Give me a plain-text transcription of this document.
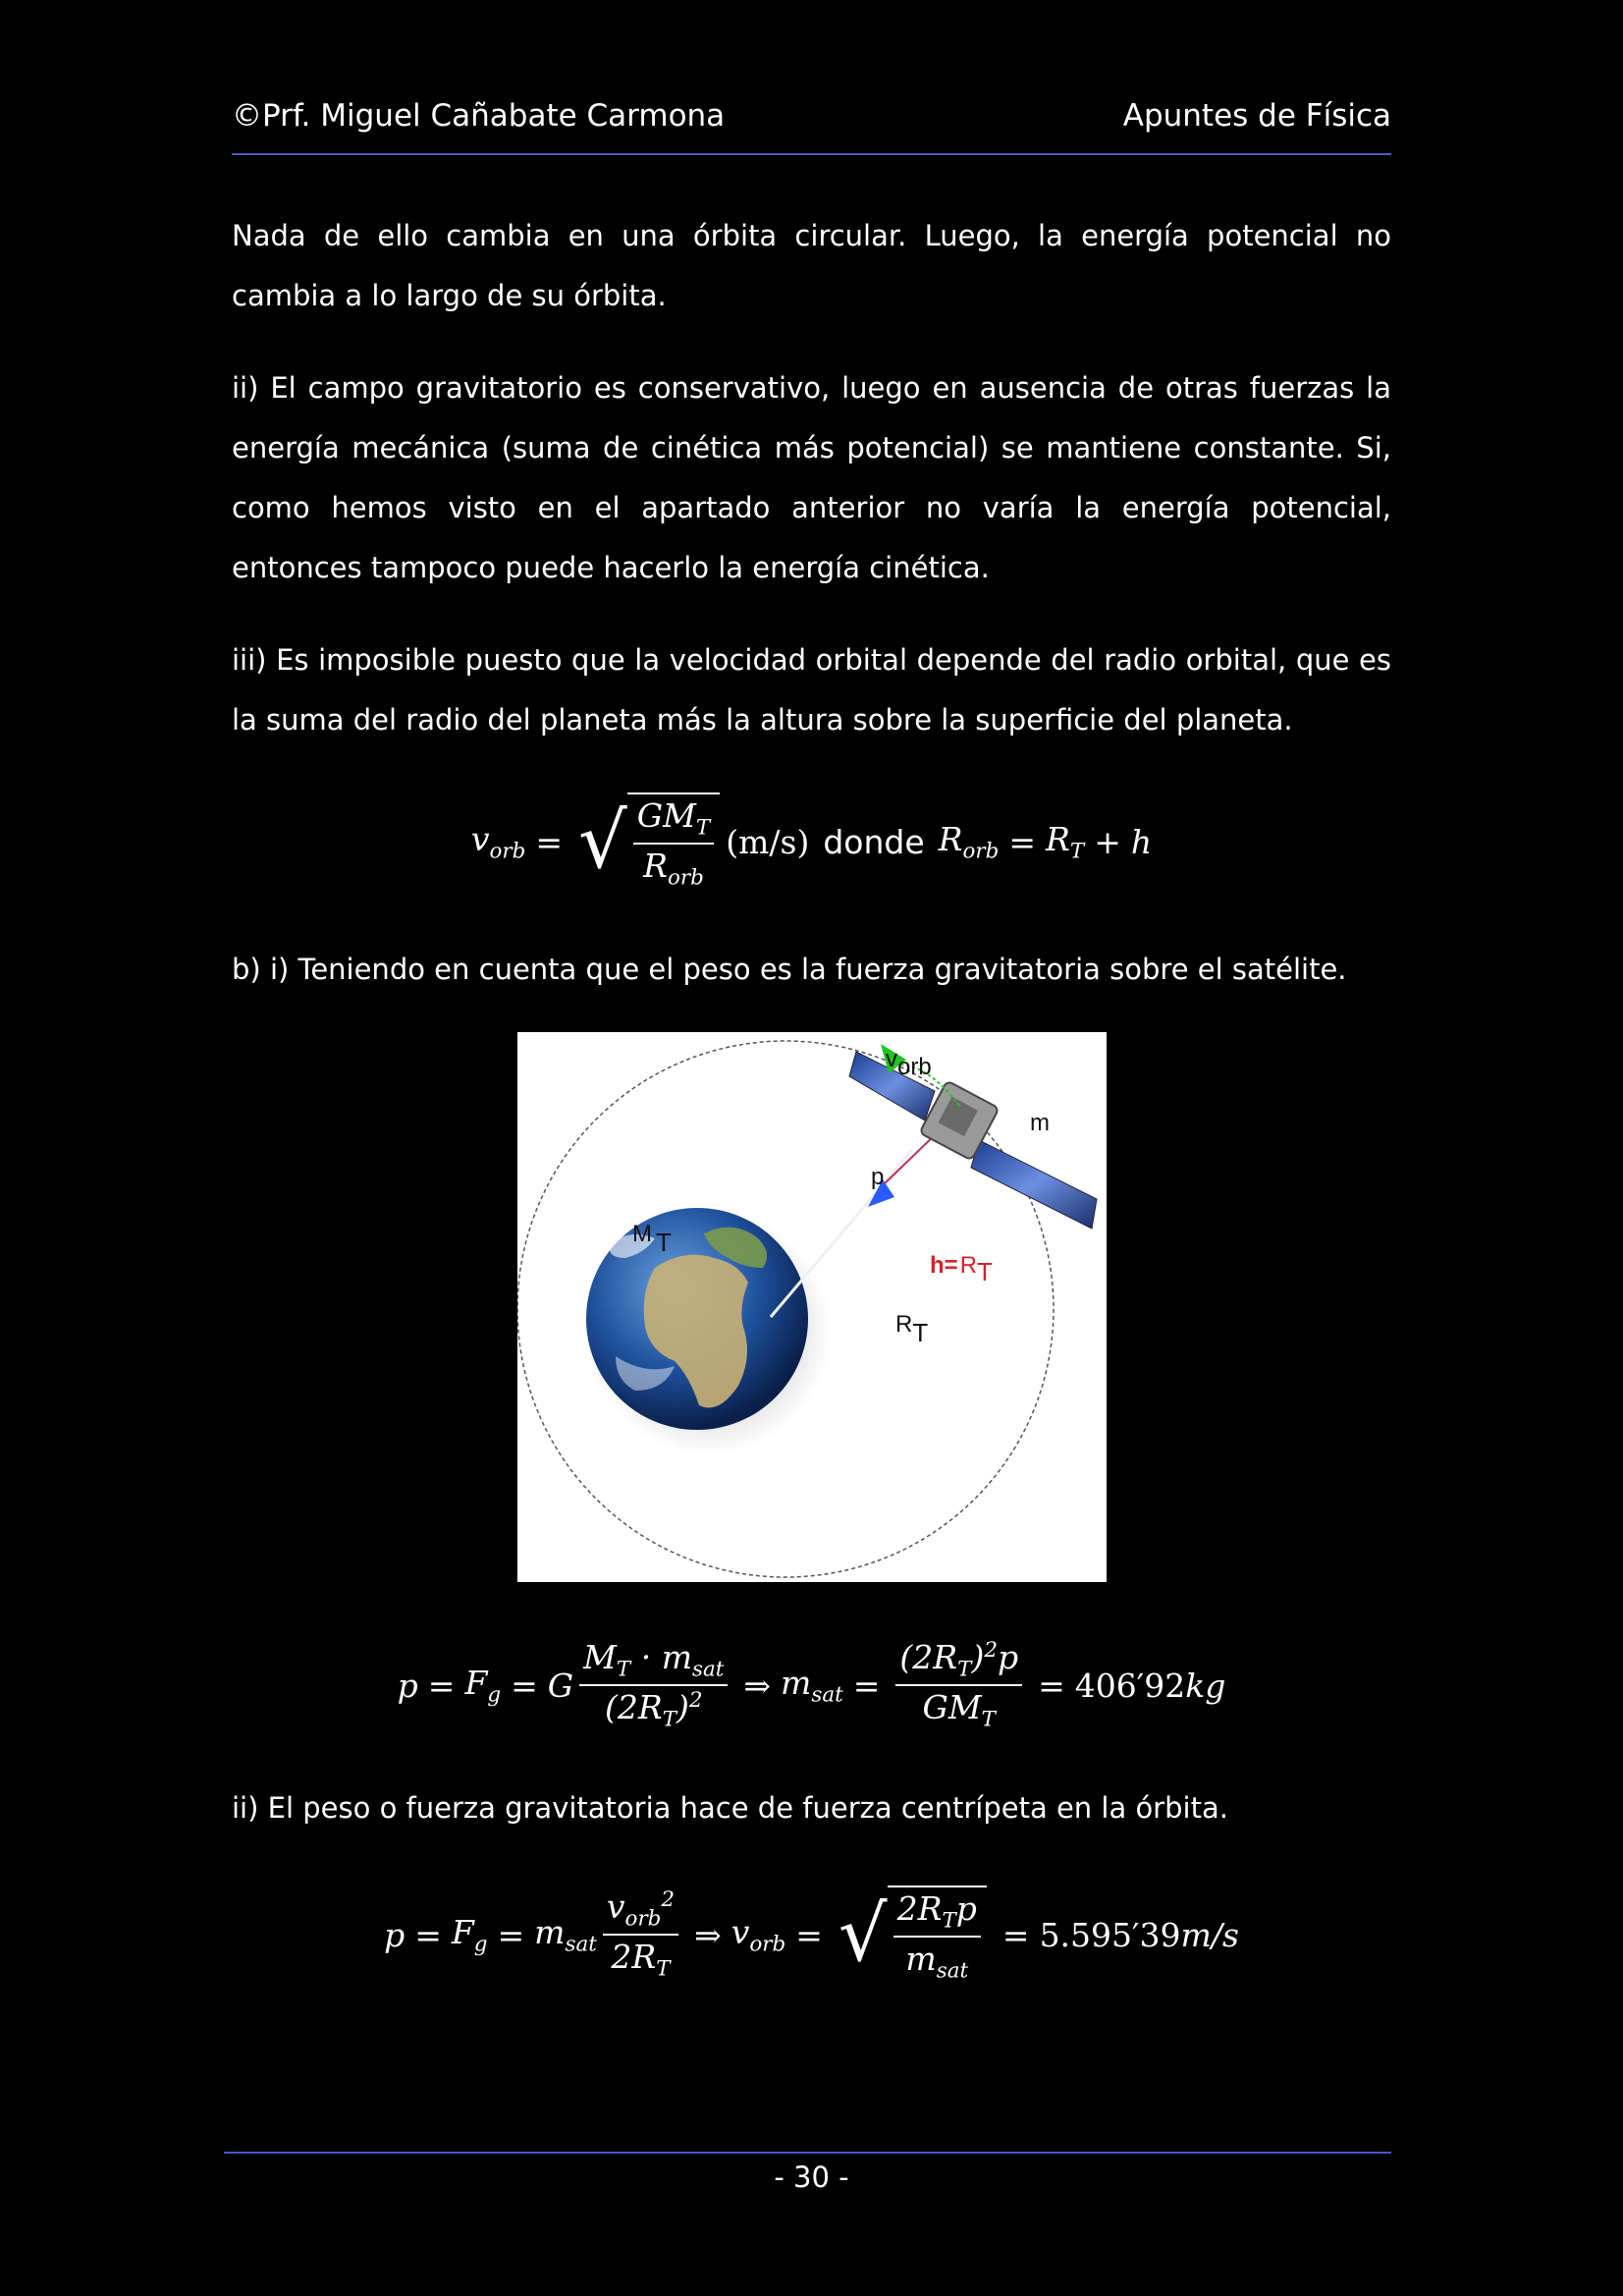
©Prf. Miguel Cañabate Carmona	Apuntes de Física

Nada de ello cambia en una órbita circular. Luego, la energía potencial no cambia a lo largo de su órbita.

ii) El campo gravitatorio es conservativo, luego en ausencia de otras fuerzas la energía mecánica (suma de cinética más potencial) se mantiene constante. Si, como hemos visto en el apartado anterior no varía la energía potencial, entonces tampoco puede hacerlo la energía cinética.

iii) Es imposible puesto que la velocidad orbital depende del radio orbital, que es la suma del radio del planeta más la altura sobre la superficie del planeta.

$v_{orb}$ = √ $\frac{GM_T}{R_{orb}} (m/s)$ donde $R_{orb} = R_T + h$

b) i) Teniendo en cuenta que el peso es la fuerza gravitatoria sobre el satélite.

vorb
m
p
M T
h=RT
RT
$p = F_g = G \frac{M_T \cdot m_{sat}}{(2R_T)^2}$ ⇒ $m_{sat} = \frac{(2R_T)^2p}{GM_T} = 406'92$ kg

ii) El peso o fuerza gravitatoria hace de fuerza centrípeta en la órbita.

$p = F_g = m_{sat} \frac{v_{orb}^2}{2R_T}$ ⇒ $v_{orb}$ = √ $\frac{2R_Tp}{m_{sat}} = 5.595'39$ m/s
- 30 -
